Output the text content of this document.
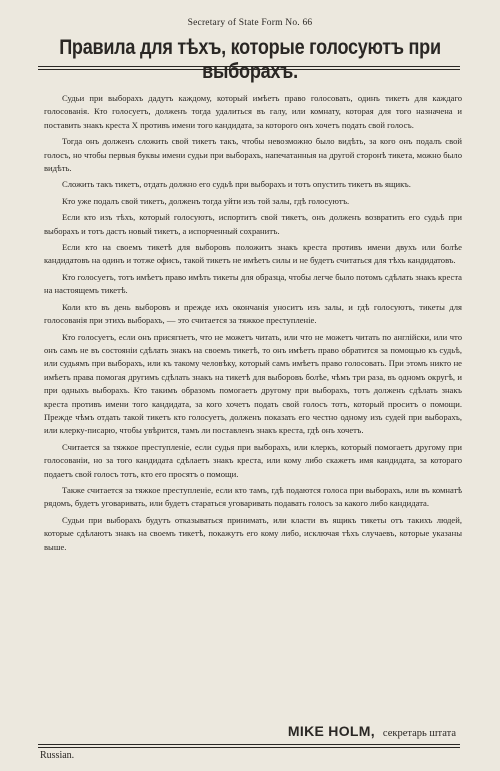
Secretary of State Form No. 66
Правила для тѣхъ, которые голосуютъ при выборахъ.

Судьи при выборахъ дадутъ каждому, который имѣетъ право голосовать, одинъ тикетъ для каждаго голосованія. Кто голосуетъ, долженъ тогда удалиться въ галу, или комнату, которая для того назначена и поставить знакъ креста X противъ имени того кандидата, за которого онъ хочетъ подать свой голосъ.

Тогда онъ долженъ сложить свой тикетъ такъ, чтобы невозможно было видѣть, за кого онъ подалъ свой голосъ, но чтобы первыя буквы имени судьи при выборахъ, напечатанныя на другой сторонѣ тикета, можно было видѣть.

Сложить такъ тикетъ, отдать должно его судьѣ при выборахъ и тотъ опустить тикетъ въ ящикъ.

Кто уже подалъ свой тикетъ, долженъ тогда уйти изъ той залы, гдѣ голосуютъ.

Если кто изъ тѣхъ, который голосуютъ, испортитъ свой тикетъ, онъ долженъ возвратить его судьѣ при выборахъ и тотъ дастъ новый тикетъ, а испорченный сохранитъ.

Если кто на своемъ тикетѣ для выборовъ положитъ знакъ креста противъ имени двухъ или болѣе кандидатовъ на одинъ и тотже офисъ, такой тикетъ не имѣетъ силы и не будетъ считаться для тѣхъ кандидатовъ.

Кто голосуетъ, тотъ имѣетъ право имѣть тикеты для образца, чтобы легче было потомъ сдѣлать знакъ креста на настоящемъ тикетѣ.

Коли кто въ день выборовъ и прежде ихъ окончанія уноситъ изъ залы, и гдѣ голосуютъ, тикеты для голосованія при этихъ выборахъ, — это считается за тяжкое преступленіе.

Кто голосуетъ, если онъ присягнетъ, что не можетъ читать, или что не можетъ читать по англійски, или что онъ самъ не въ состояніи сдѣлать знакъ на своемъ тикетѣ, то онъ имѣетъ право обратится за помощью къ судьѣ, или судьямъ при выборахъ, или къ такому человѣку, который самъ имѣетъ право голосовать. При этомъ никто не имѣетъ права помогая другимъ сдѣлать знакъ на тикетѣ для выборовъ болѣе, чѣмъ три раза, въ одномъ округѣ, и при одныхъ выборахъ. Кто такимъ образомъ помогаетъ другому при выборахъ, тотъ долженъ сдѣлать знакъ креста противъ имени того кандидата, за кого хочетъ подать свой голосъ тотъ, который проситъ о помощи. Прежде чѣмъ отдать такой тикетъ кто голосуетъ, долженъ показать его честно одному изъ судей при выборахъ, или клерку-писарю, чтобы увѣрится, тамъ ли поставленъ знакъ креста, гдѣ онъ хочетъ.

Считается за тяжкое преступленіе, если судья при выборахъ, или клеркъ, который помогаетъ другому при голосованіи, но за того кандидата сдѣлаетъ знакъ креста, или кому либо скажетъ имя кандидата, за котораго подаетъ свой голосъ тотъ, кто его просятъ о помощи.

Также считается за тяжкое преступленіе, если кто тамъ, гдѣ подаются голоса при выборахъ, или въ комнатѣ рядомъ, будетъ уговаривать, или будетъ стараться уговаривать подавать голосъ за какого либо кандидата.

Судьи при выборахъ будутъ отказываться принимать, или класти въ ящикъ тикеты отъ такихъ людей, которые сдѣлаютъ знакъ на своемъ тикетѣ, покажутъ его кому либо, исключая тѣхъ случаевъ, которые указаны выше.

MIKE HOLM, секретарь штата
Russian.
